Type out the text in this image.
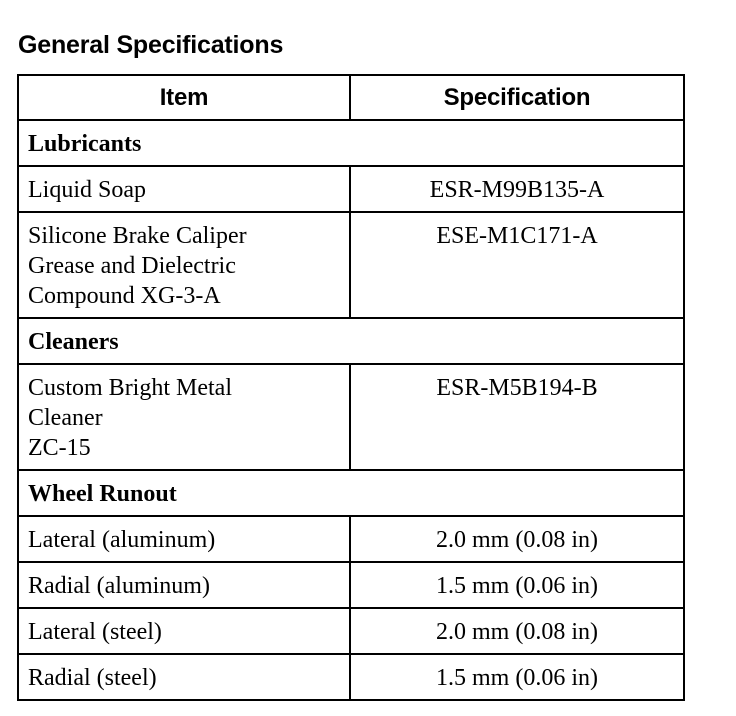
General Specifications
Item	Specification
Lubricants	
Liquid Soap	ESR-M99B135-A
Silicone Brake Caliper
Grease and Dielectric
Compound XG-3-A	ESE-M1C171-A
Cleaners	
Custom Bright Metal
Cleaner
ZC-15	ESR-M5B194-B
Wheel Runout	
Lateral (aluminum)	2.0 mm (0.08 in)
Radial (aluminum)	1.5 mm (0.06 in)
Lateral (steel)	2.0 mm (0.08 in)
Radial (steel)	1.5 mm (0.06 in)
